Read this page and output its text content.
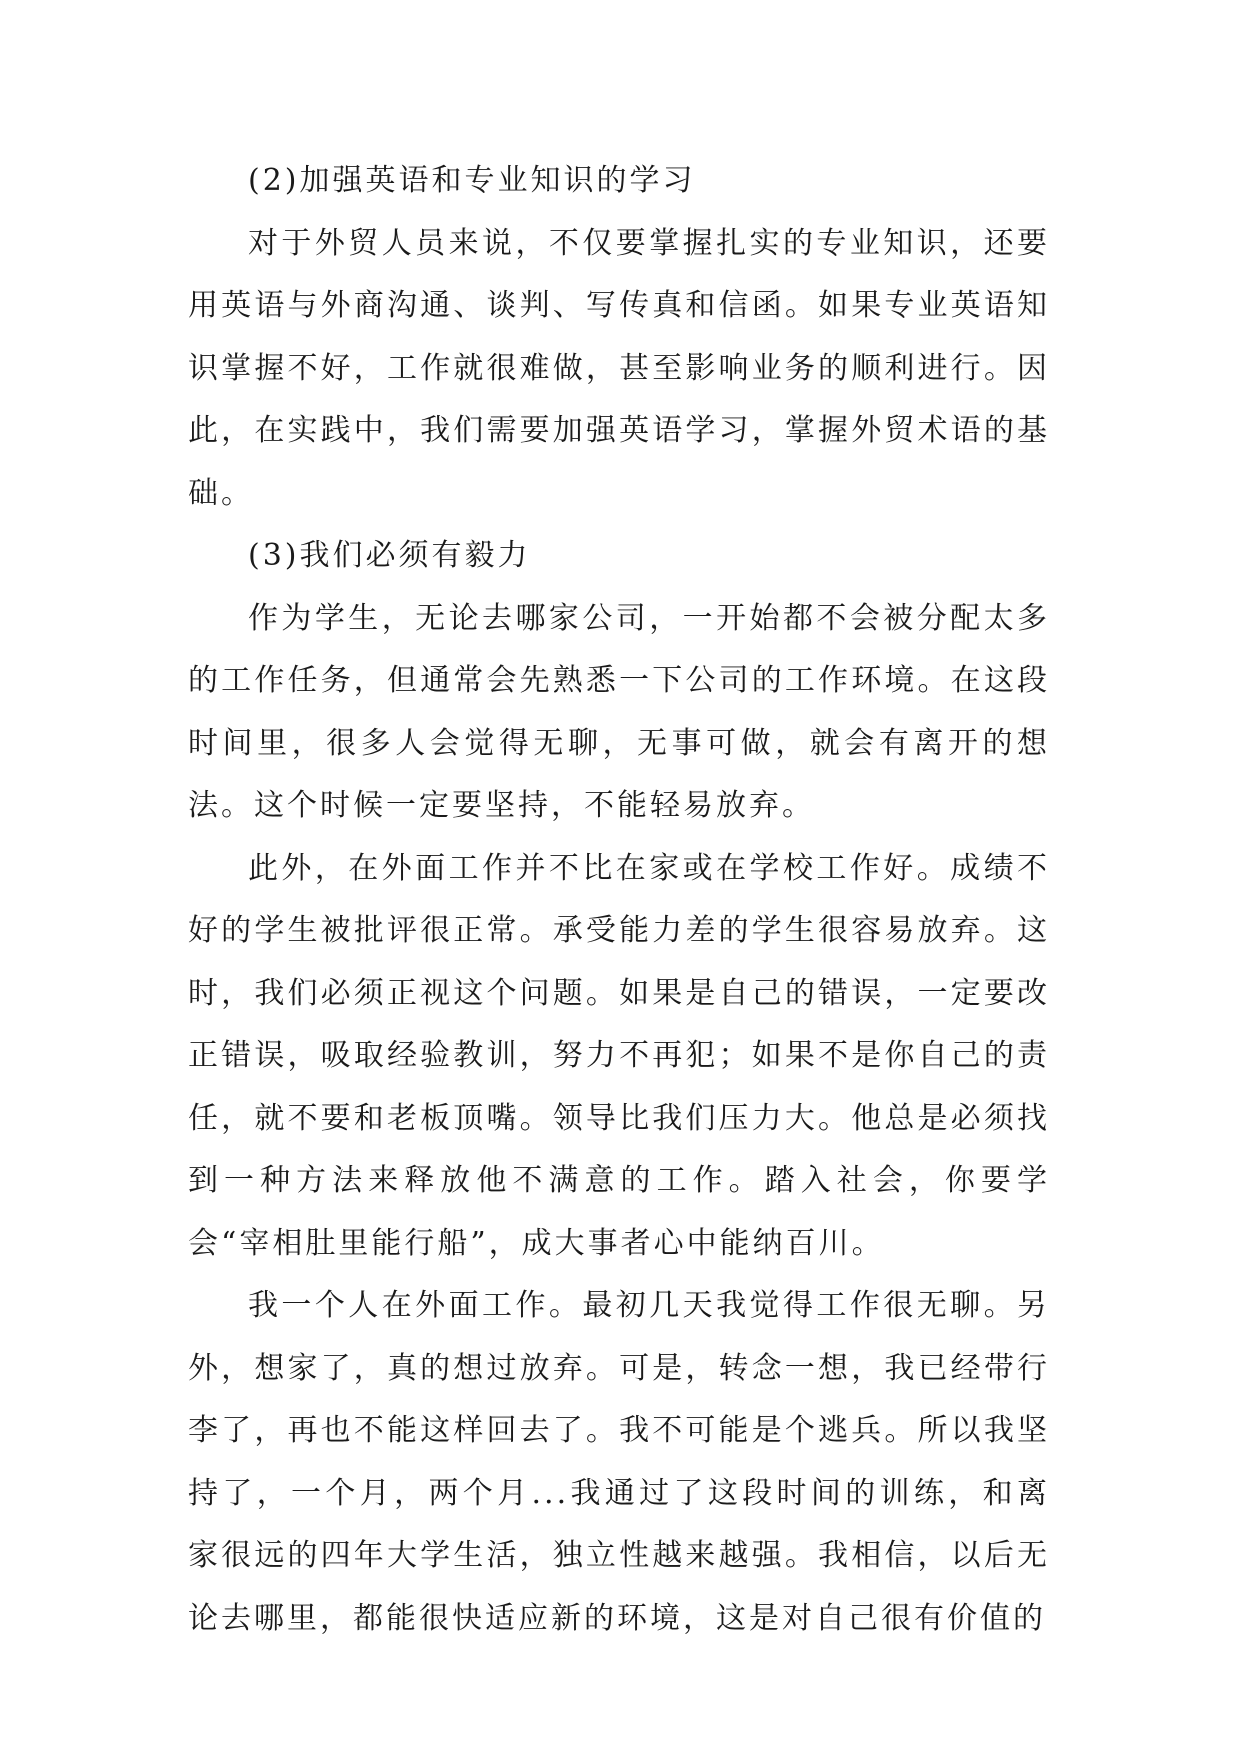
(2)加强英语和专业知识的学习

对于外贸人员来说，不仅要掌握扎实的专业知识，还要用英语与外商沟通、谈判、写传真和信函。如果专业英语知识掌握不好，工作就很难做，甚至影响业务的顺利进行。因此，在实践中，我们需要加强英语学习，掌握外贸术语的基础。

(3)我们必须有毅力

作为学生，无论去哪家公司，一开始都不会被分配太多的工作任务，但通常会先熟悉一下公司的工作环境。在这段时间里，很多人会觉得无聊，无事可做，就会有离开的想法。这个时候一定要坚持，不能轻易放弃。

此外，在外面工作并不比在家或在学校工作好。成绩不好的学生被批评很正常。承受能力差的学生很容易放弃。这时，我们必须正视这个问题。如果是自己的错误，一定要改正错误，吸取经验教训，努力不再犯；如果不是你自己的责任，就不要和老板顶嘴。领导比我们压力大。他总是必须找到一种方法来释放他不满意的工作。踏入社会，你要学会“宰相肚里能行船”，成大事者心中能纳百川。

我一个人在外面工作。最初几天我觉得工作很无聊。另外，想家了，真的想过放弃。可是，转念一想，我已经带行李了，再也不能这样回去了。我不可能是个逃兵。所以我坚持了，一个月，两个月...我通过了这段时间的训练，和离家很远的四年大学生活，独立性越来越强。我相信，以后无论去哪里，都能很快适应新的环境，这是对自己很有价值的
